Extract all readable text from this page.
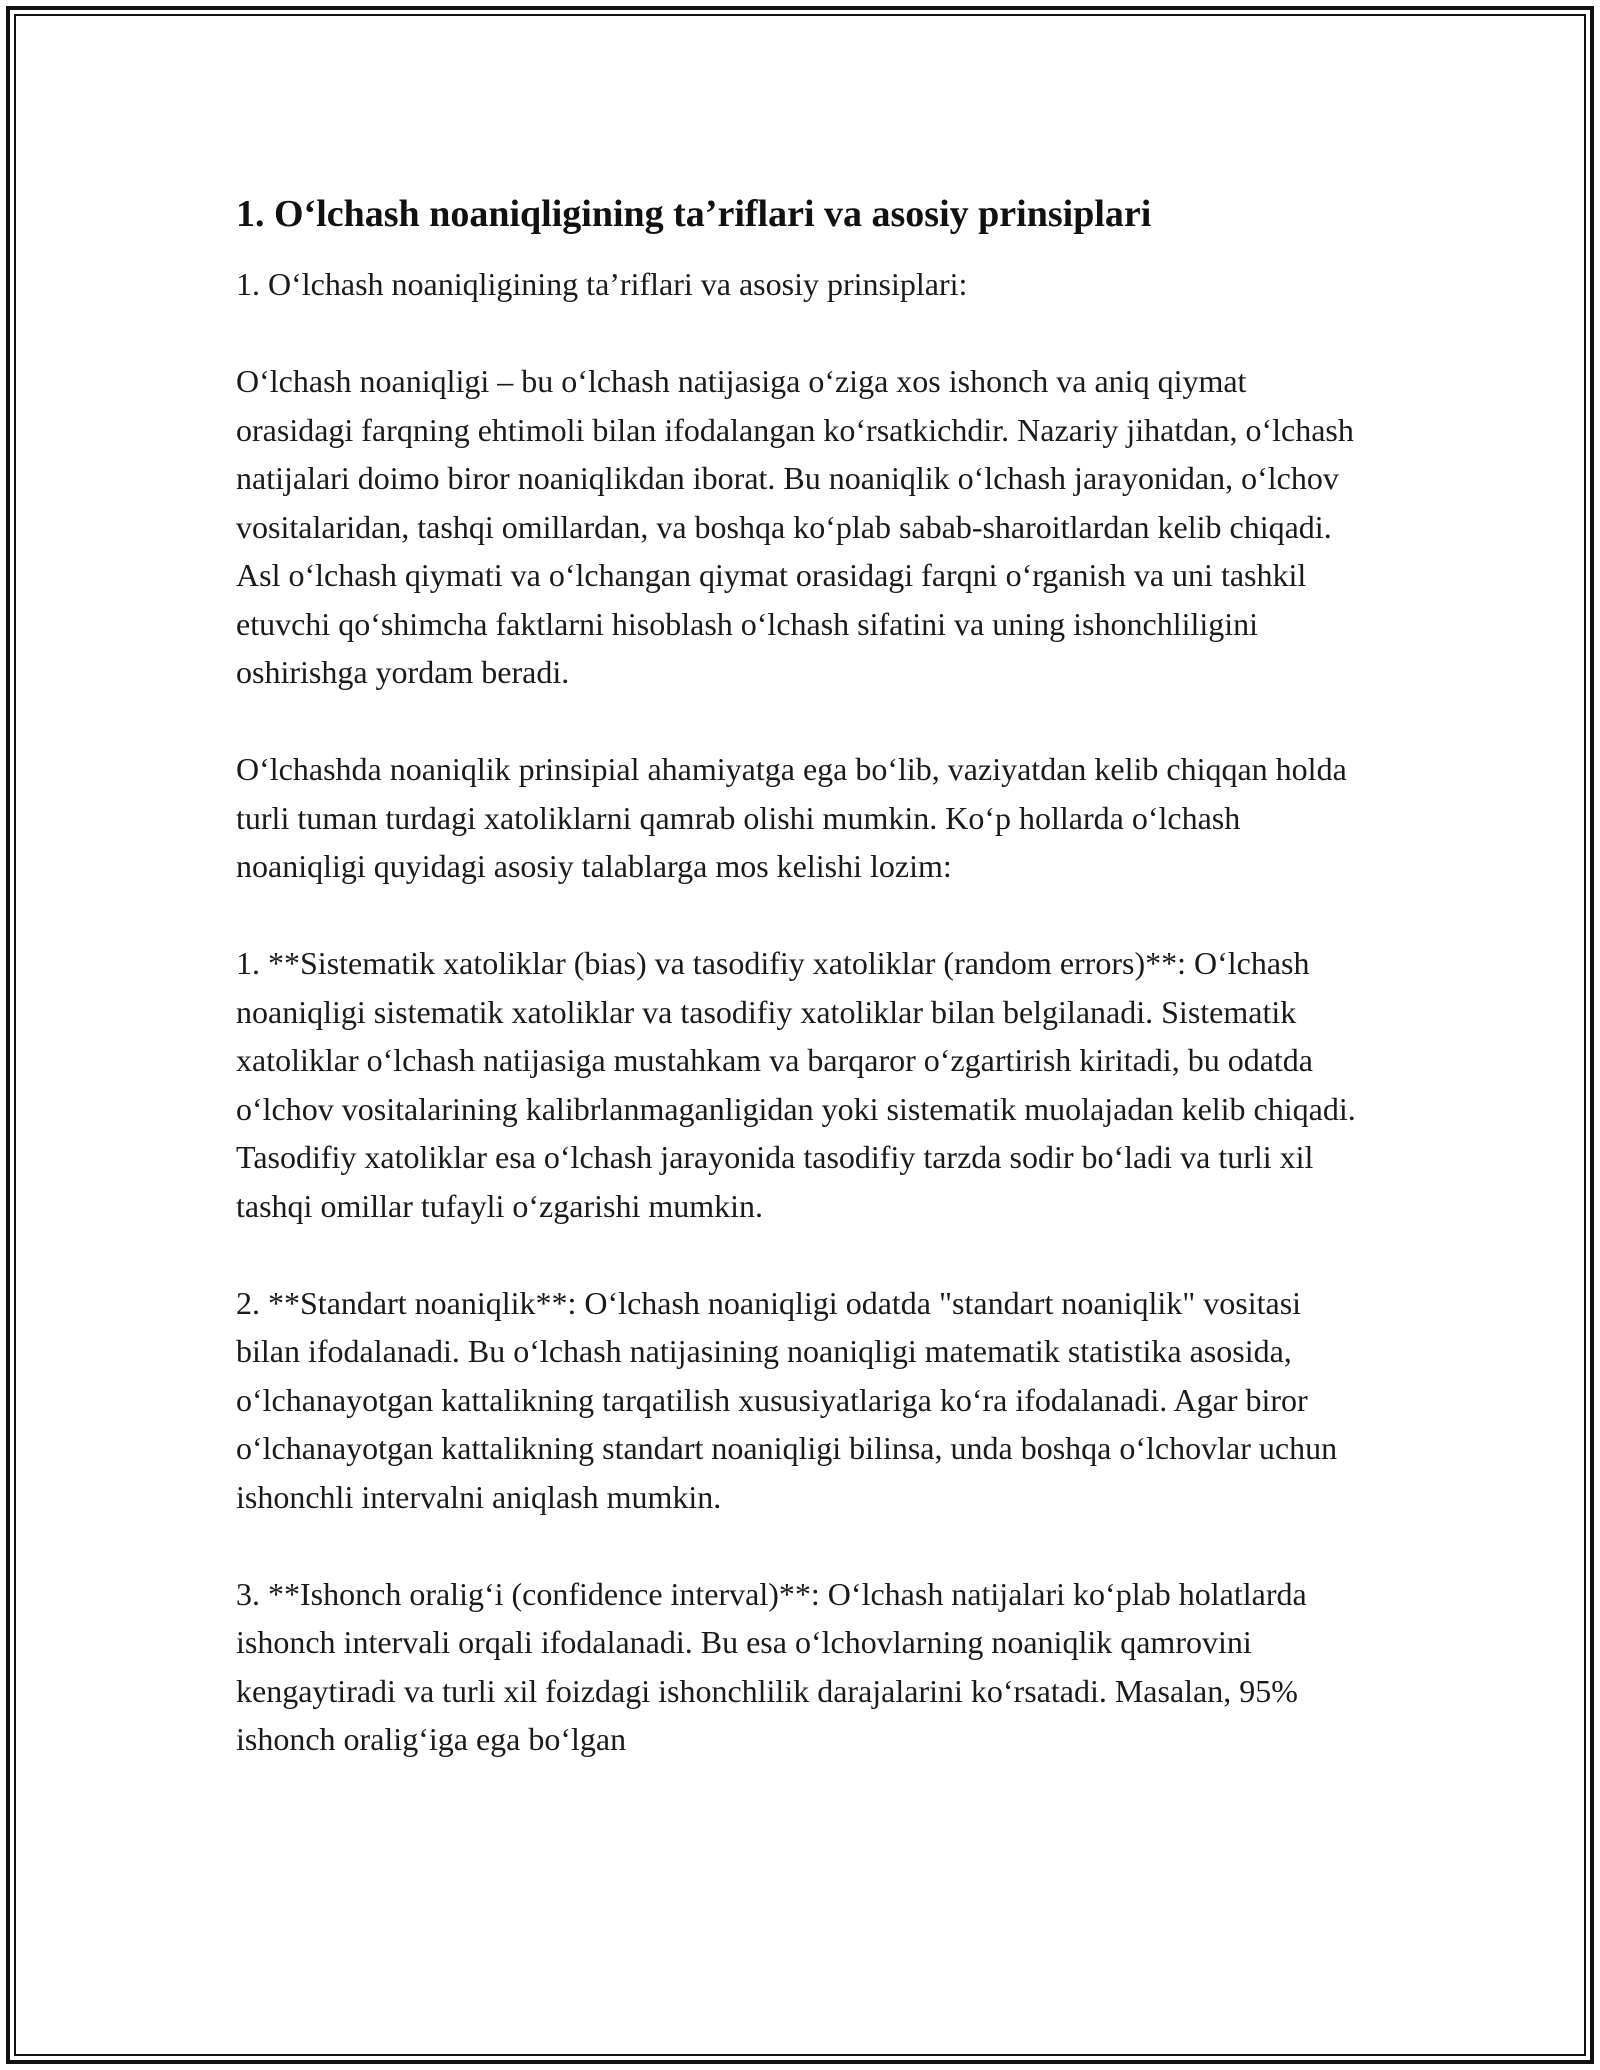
1. Oʻlchash noaniqligining taʼriflari va asosiy prinsiplari

1. Oʻlchash noaniqligining taʼriflari va asosiy prinsiplari:

Oʻlchash noaniqligi – bu oʻlchash natijasiga oʻziga xos ishonch va aniq qiymat orasidagi farqning ehtimoli bilan ifodalangan koʻrsatkichdir. Nazariy jihatdan, oʻlchash natijalari doimo biror noaniqlikdan iborat. Bu noaniqlik oʻlchash jarayonidan, oʻlchov vositalaridan, tashqi omillardan, va boshqa koʻplab sabab-sharoitlardan kelib chiqadi. Asl oʻlchash qiymati va oʻlchangan qiymat orasidagi farqni oʻrganish va uni tashkil etuvchi qoʻshimcha faktlarni hisoblash oʻlchash sifatini va uning ishonchliligini oshirishga yordam beradi.

Oʻlchashda noaniqlik prinsipial ahamiyatga ega boʻlib, vaziyatdan kelib chiqqan holda turli tuman turdagi xatoliklarni qamrab olishi mumkin. Koʻp hollarda oʻlchash noaniqligi quyidagi asosiy talablarga mos kelishi lozim:

1. **Sistematik xatoliklar (bias) va tasodifiy xatoliklar (random errors)**: Oʻlchash noaniqligi sistematik xatoliklar va tasodifiy xatoliklar bilan belgilanadi. Sistematik xatoliklar oʻlchash natijasiga mustahkam va barqaror oʻzgartirish kiritadi, bu odatda oʻlchov vositalarining kalibrlanmaganligidan yoki sistematik muolajadan kelib chiqadi. Tasodifiy xatoliklar esa oʻlchash jarayonida tasodifiy tarzda sodir boʻladi va turli xil tashqi omillar tufayli oʻzgarishi mumkin.

2. **Standart noaniqlik**: Oʻlchash noaniqligi odatda "standart noaniqlik" vositasi bilan ifodalanadi. Bu oʻlchash natijasining noaniqligi matematik statistika asosida, oʻlchanayotgan kattalikning tarqatilish xususiyatlariga koʻra ifodalanadi. Agar biror oʻlchanayotgan kattalikning standart noaniqligi bilinsa, unda boshqa oʻlchovlar uchun ishonchli intervalni aniqlash mumkin.

3. **Ishonch oraligʻi (confidence interval)**: Oʻlchash natijalari koʻplab holatlarda ishonch intervali orqali ifodalanadi. Bu esa oʻlchovlarning noaniqlik qamrovini kengaytiradi va turli xil foizdagi ishonchlilik darajalarini koʻrsatadi. Masalan, 95% ishonch oraligʻiga ega boʻlgan
